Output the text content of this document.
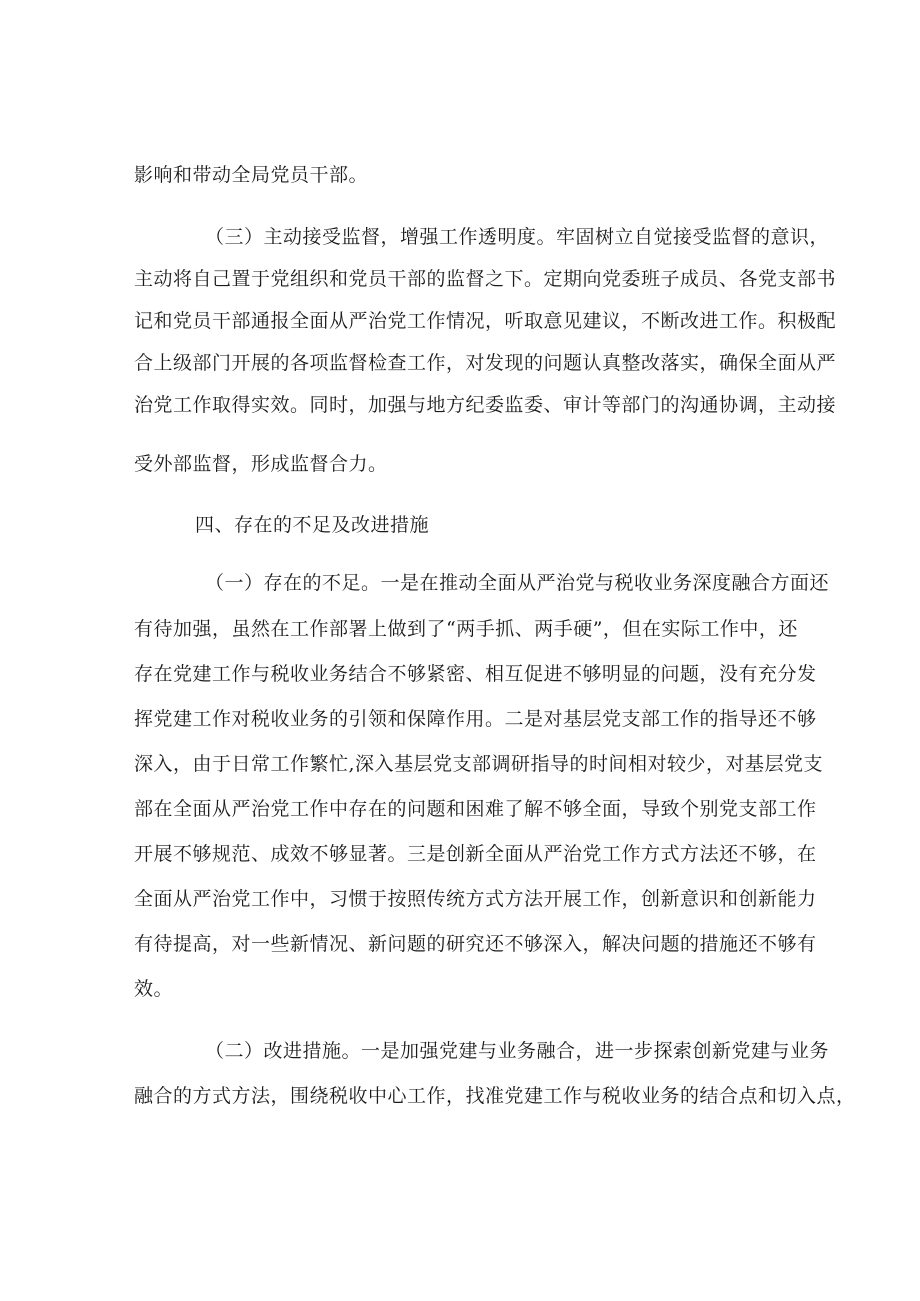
影响和带动全局党员干部。
（三）主动接受监督，增强工作透明度。牢固树立自觉接受监督的意识，
主动将自己置于党组织和党员干部的监督之下。定期向党委班子成员、各党支部书
记和党员干部通报全面从严治党工作情况，听取意见建议，不断改进工作。积极配
合上级部门开展的各项监督检查工作，对发现的问题认真整改落实，确保全面从严
治党工作取得实效。同时，加强与地方纪委监委、审计等部门的沟通协调，主动接
受外部监督，形成监督合力。
四、存在的不足及改进措施
（一）存在的不足。一是在推动全面从严治党与税收业务深度融合方面还
有待加强，虽然在工作部署上做到了“两手抓、两手硬”，但在实际工作中，还
存在党建工作与税收业务结合不够紧密、相互促进不够明显的问题，没有充分发
挥党建工作对税收业务的引领和保障作用。二是对基层党支部工作的指导还不够
深入，由于日常工作繁忙,深入基层党支部调研指导的时间相对较少，对基层党支
部在全面从严治党工作中存在的问题和困难了解不够全面，导致个别党支部工作
开展不够规范、成效不够显著。三是创新全面从严治党工作方式方法还不够，在
全面从严治党工作中，习惯于按照传统方式方法开展工作，创新意识和创新能力
有待提高，对一些新情况、新问题的研究还不够深入，解决问题的措施还不够有
效。
（二）改进措施。一是加强党建与业务融合，进一步探索创新党建与业务
融合的方式方法，围绕税收中心工作，找准党建工作与税收业务的结合点和切入点，
